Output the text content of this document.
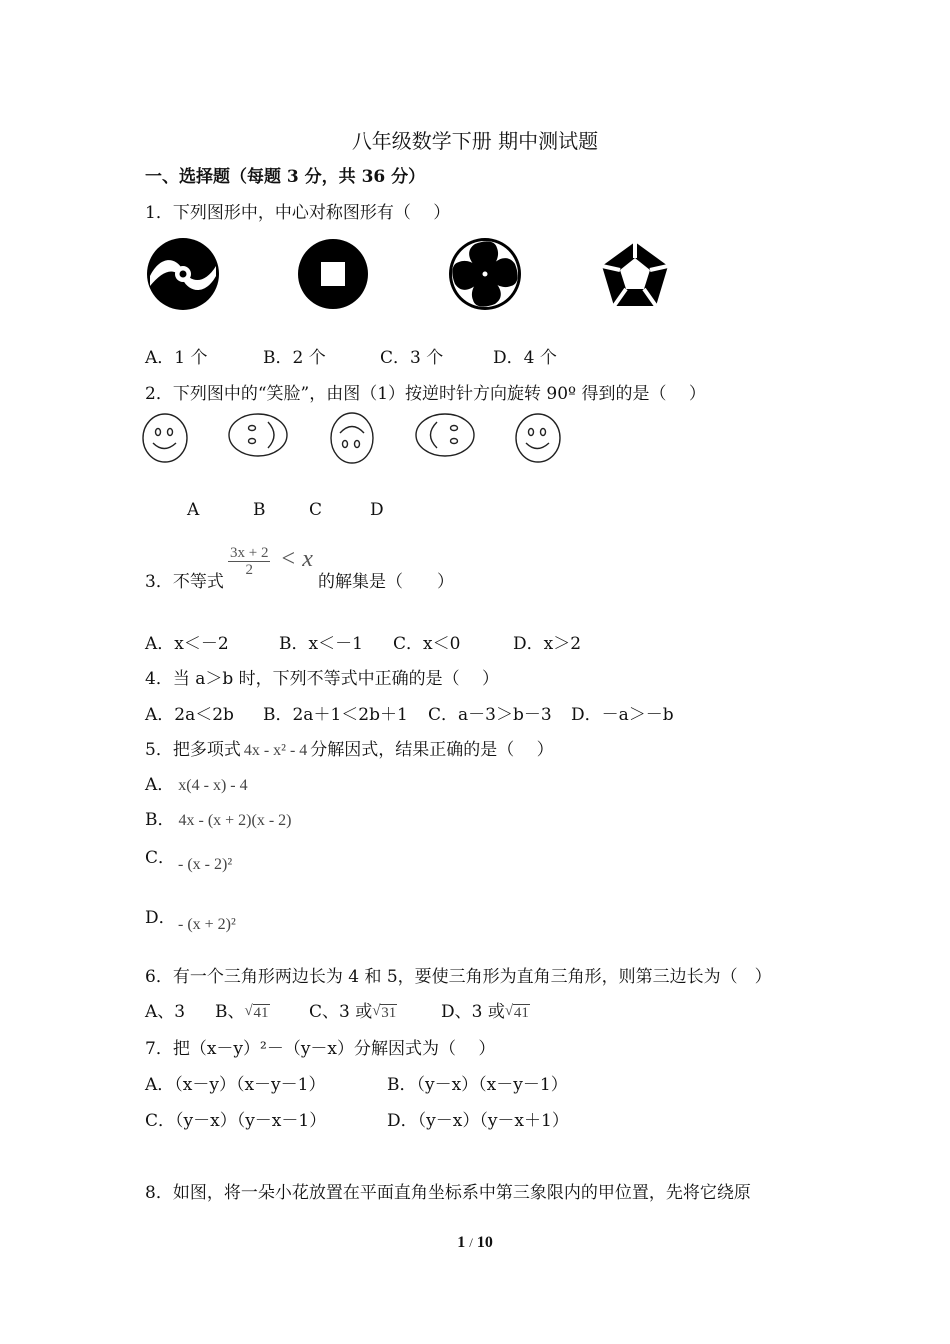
八年级数学下册 期中测试题
一、选择题（每题 3 分，共 36 分）
1．下列图形中，中心对称图形有（　 ）
A．1 个	B．2 个	C．3 个	D．4 个
2．下列图中的“笑脸”，由图（1）按逆时针方向旋转 90º 得到的是（　 ）
A	B	C	D
3．不等式
$\frac{3x + 2}{2} < x$
的解集是（　　）
A．x＜－2	B．x＜－1 C．x＜0	D．x＞2
4．当 a＞b 时，下列不等式中正确的是（　 ）
A．2a＜2b B．2a＋1＜2b＋1 C．a－3＞b－3 D．－a＞－b
5．把多项式 4x - x² - 4 分解因式，结果正确的是（　 ）
A． x(4 - x) - 4
B． 4x - (x + 2)(x - 2)
C． - (x - 2)²
D． - (x + 2)²
6．有一个三角形两边长为 4 和 5，要使三角形为直角三角形，则第三边长为（　）
A、3 B、 √ 41 C、3 或 √ 31	D、3 或 √ 41
7．把（x－y）²－（y－x）分解因式为（　 ）
A．（x－y）（x－y－1）	B．（y－x）（x－y－1）
C．（y－x）（y－x－1）	D．（y－x）（y－x＋1）
8．如图，将一朵小花放置在平面直角坐标系中第三象限内的甲位置，先将它绕原
1 / 10
